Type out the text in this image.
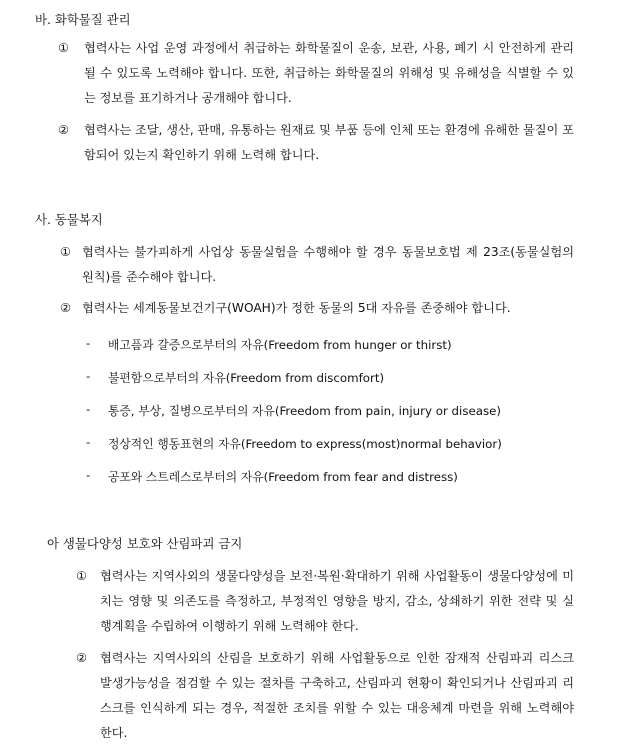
바. 화학물질 관리
①	협력사는 사업 운영 과정에서 취급하는 화학물질이 운송, 보관, 사용, 폐기 시 안전하게 관리될 수 있도록 노력해야 합니다. 또한, 취급하는 화학물질의 위해성 및 유해성을 식별할 수 있는 정보를 표기하거나 공개해야 합니다.
②	협력사는 조달, 생산, 판매, 유통하는 원재료 및 부품 등에 인체 또는 환경에 유해한 물질이 포함되어 있는지 확인하기 위해 노력해 합니다.
사. 동물복지
① 협력사는 불가피하게 사업상 동물실험을 수행해야 할 경우 동물보호법 제 23조(동물실험의 원칙)를 준수해야 합니다.
② 협력사는 세계동물보건기구(WOAH)가 정한 동물의 5대 자유를 존중해야 합니다.
- 배고픔과 갈증으로부터의 자유(Freedom from hunger or thirst)
- 불편함으로부터의 자유(Freedom from discomfort)
- 통증, 부상, 질병으로부터의 자유(Freedom from pain, injury or disease)
- 정상적인 행동표현의 자유(Freedom to express(most)normal behavior)
- 공포와 스트레스로부터의 자유(Freedom from fear and distress)
아 생물다양성 보호와 산림파괴 금지
①	협력사는 지역사외의 생물다양성을 보전·복원·확대하기 위해 사업활동이 생물다양성에 미치는 영향 및 의존도를 측정하고, 부정적인 영향을 방지, 감소, 상쇄하기 위한 전략 및 실행계획을 수립하여 이행하기 위해 노력해야 한다.
②	협력사는 지역사외의 산림을 보호하기 위해 사업활동으로 인한 잠재적 산림파괴 리스크 발생가능성을 점검할 수 있는 절차를 구축하고, 산림파괴 현황이 확인되거나 산림파괴 리스크를 인식하게 되는 경우, 적절한 조치를 위할 수 있는 대응체계 마련을 위해 노력해야 한다.
